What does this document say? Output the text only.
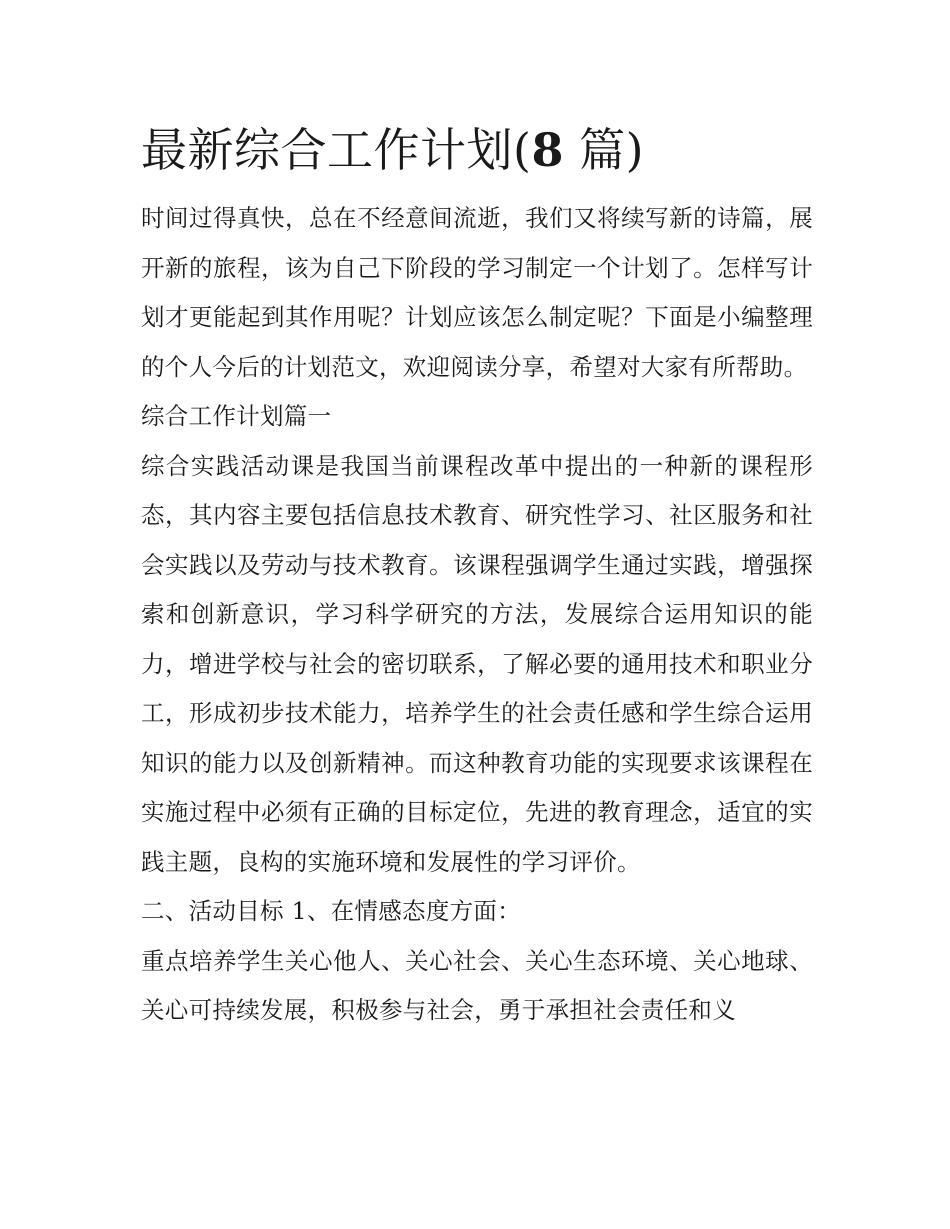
最新综合工作计划(8 篇)

时间过得真快，总在不经意间流逝，我们又将续写新的诗篇，展开新的旅程，该为自己下阶段的学习制定一个计划了。怎样写计划才更能起到其作用呢？计划应该怎么制定呢？下面是小编整理的个人今后的计划范文，欢迎阅读分享，希望对大家有所帮助。

综合工作计划篇一

综合实践活动课是我国当前课程改革中提出的一种新的课程形态，其内容主要包括信息技术教育、研究性学习、社区服务和社会实践以及劳动与技术教育。该课程强调学生通过实践，增强探索和创新意识，学习科学研究的方法，发展综合运用知识的能力，增进学校与社会的密切联系，了解必要的通用技术和职业分工，形成初步技术能力，培养学生的社会责任感和学生综合运用知识的能力以及创新精神。而这种教育功能的实现要求该课程在实施过程中必须有正确的目标定位，先进的教育理念，适宜的实践主题，良构的实施环境和发展性的学习评价。

二、活动目标 1、在情感态度方面：

重点培养学生关心他人、关心社会、关心生态环境、关心地球、关心可持续发展，积极参与社会，勇于承担社会责任和义
